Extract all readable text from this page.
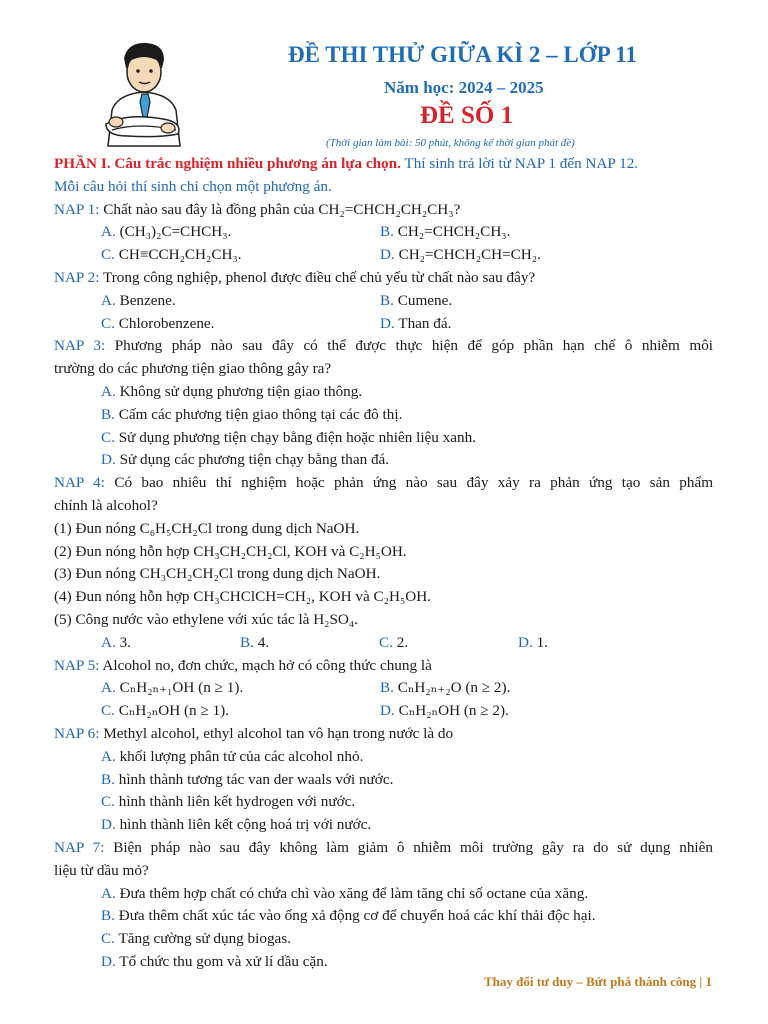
ĐỀ THI THỬ GIỮA KÌ 2 – LỚP 11
Năm học: 2024 – 2025
ĐỀ SỐ 1
(Thời gian làm bài: 50 phút, không kể thời gian phát đề)
PHẦN I. Câu trắc nghiệm nhiều phương án lựa chọn. Thí sinh trả lời từ NAP 1 đến NAP 12.
Mỗi câu hỏi thí sinh chỉ chọn một phương án.
NAP 1: Chất nào sau đây là đồng phân của CH₂=CHCH₂CH₂CH₃?
A. (CH₃)₂C=CHCH₃.	B. CH₂=CHCH₂CH₃.
C. CH≡CCH₂CH₂CH₃.	D. CH₂=CHCH₂CH=CH₂.
NAP 2: Trong công nghiệp, phenol được điều chế chủ yếu từ chất nào sau đây?
A. Benzene.	B. Cumene.
C. Chlorobenzene.	D. Than đá.
NAP 3: Phương pháp nào sau đây có thể được thực hiện để góp phần hạn chế ô nhiễm môi
trường do các phương tiện giao thông gây ra?
A. Không sử dụng phương tiện giao thông.
B. Cấm các phương tiện giao thông tại các đô thị.
C. Sử dụng phương tiện chạy bằng điện hoặc nhiên liệu xanh.
D. Sử dụng các phương tiện chạy bằng than đá.
NAP 4: Có bao nhiêu thí nghiệm hoặc phản ứng nào sau đây xảy ra phản ứng tạo sản phẩm
chính là alcohol?
(1) Đun nóng C₆H₅CH₂Cl trong dung dịch NaOH.
(2) Đun nóng hỗn hợp CH₃CH₂CH₂Cl, KOH và C₂H₅OH.
(3) Đun nóng CH₃CH₂CH₂Cl trong dung dịch NaOH.
(4) Đun nóng hỗn hợp CH₃CHClCH=CH₂, KOH và C₂H₅OH.
(5) Công nước vào ethylene với xúc tác là H₂SO₄.
A. 3.	B. 4.	C. 2.	D. 1.
NAP 5: Alcohol no, đơn chức, mạch hở có công thức chung là
A. CₙH₂ₙ₊₁OH (n ≥ 1).	B. CₙH₂ₙ₊₂O (n ≥ 2).
C. CₙH₂ₙOH (n ≥ 1).	D. CₙH₂ₙOH (n ≥ 2).
NAP 6: Methyl alcohol, ethyl alcohol tan vô hạn trong nước là do
A. khối lượng phân tử của các alcohol nhỏ.
B. hình thành tương tác van der waals với nước.
C. hình thành liên kết hydrogen với nước.
D. hình thành liên kết cộng hoá trị với nước.
NAP 7: Biện pháp nào sau đây không làm giảm ô nhiễm môi trường gây ra do sử dụng nhiên
liệu từ dầu mỏ?
A. Đưa thêm hợp chất có chứa chì vào xăng để làm tăng chỉ số octane của xăng.
B. Đưa thêm chất xúc tác vào ống xả động cơ để chuyển hoá các khí thải độc hại.
C. Tăng cường sử dụng biogas.
D. Tổ chức thu gom và xử lí dầu cặn.
Thay đổi tư duy – Bứt phá thành công | 1
